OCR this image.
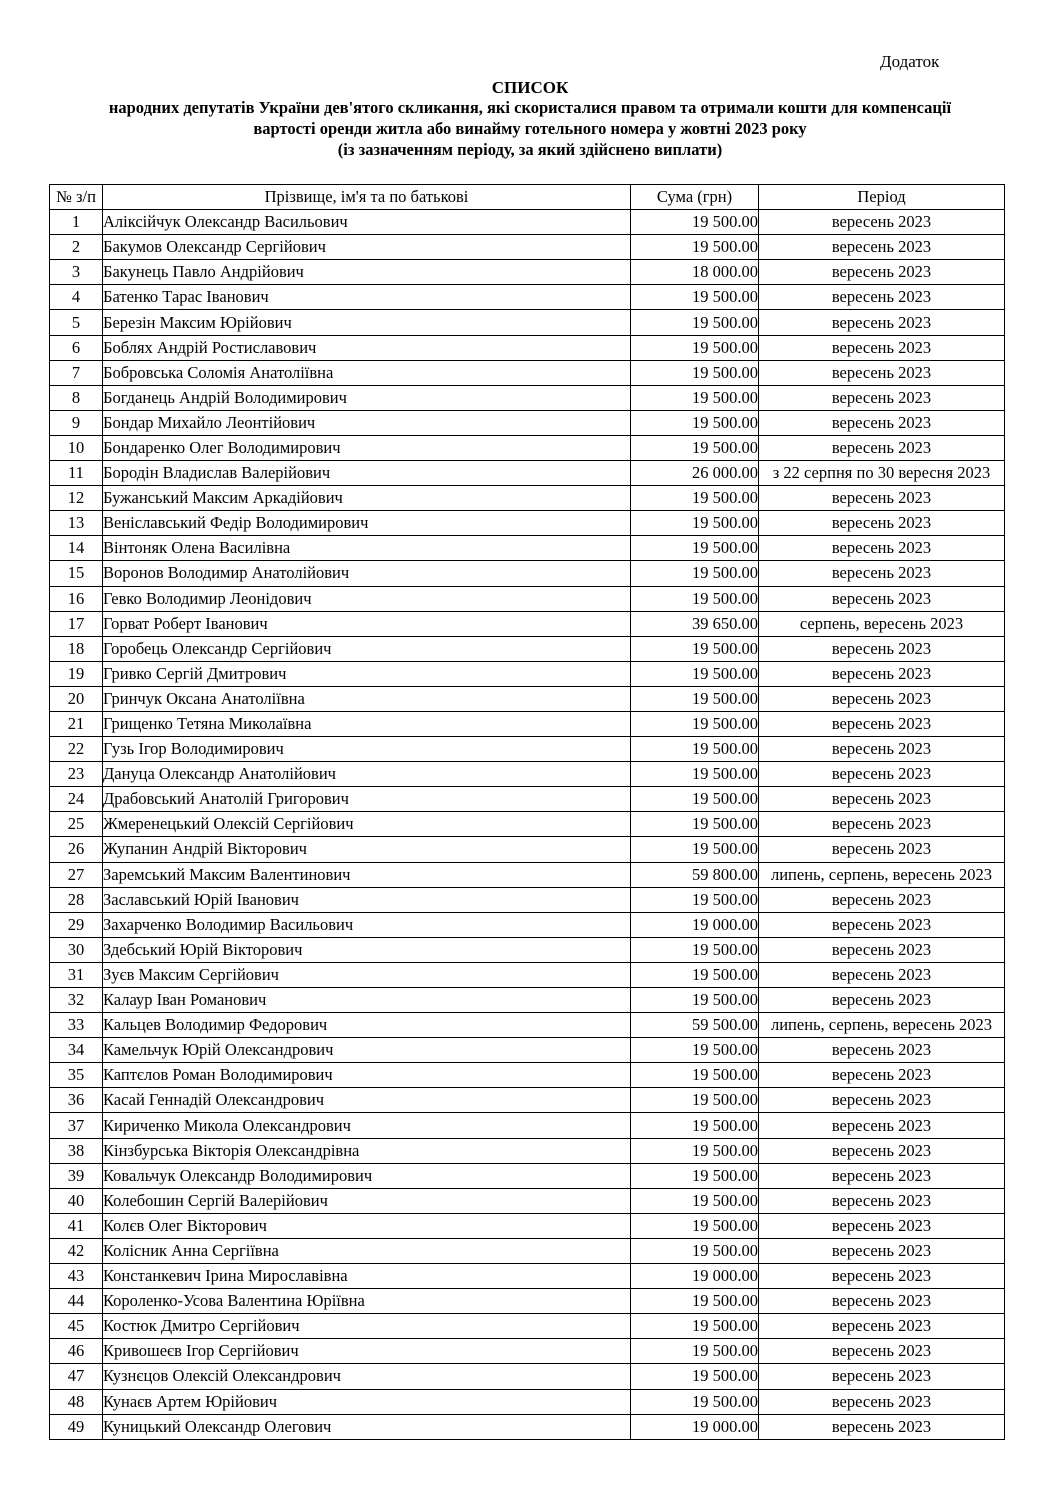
Додаток
СПИСОК
народних депутатів України дев'ятого скликання, які скористалися правом та отримали кошти для компенсації
вартості оренди житла або винайму готельного номера у жовтні 2023 року
(із зазначенням періоду, за який здійснено виплати)
№ з/п	Прізвище, ім'я та по батькові	Сума (грн)	Період
1	Аліксійчук Олександр Васильович	19 500.00	вересень 2023
2	Бакумов Олександр Сергійович	19 500.00	вересень 2023
3	Бакунець Павло Андрійович	18 000.00	вересень 2023
4	Батенко Тарас Іванович	19 500.00	вересень 2023
5	Березін Максим Юрійович	19 500.00	вересень 2023
6	Боблях Андрій Ростиславович	19 500.00	вересень 2023
7	Бобровська Соломія Анатоліївна	19 500.00	вересень 2023
8	Богданець Андрій Володимирович	19 500.00	вересень 2023
9	Бондар Михайло Леонтійович	19 500.00	вересень 2023
10	Бондаренко Олег Володимирович	19 500.00	вересень 2023
11	Бородін Владислав Валерійович	26 000.00	з 22 серпня по 30 вересня 2023
12	Бужанський Максим Аркадійович	19 500.00	вересень 2023
13	Веніславський Федір Володимирович	19 500.00	вересень 2023
14	Вінтоняк Олена Василівна	19 500.00	вересень 2023
15	Воронов Володимир Анатолійович	19 500.00	вересень 2023
16	Гевко Володимир Леонідович	19 500.00	вересень 2023
17	Горват Роберт Іванович	39 650.00	серпень, вересень 2023
18	Горобець Олександр Сергійович	19 500.00	вересень 2023
19	Гривко Сергій Дмитрович	19 500.00	вересень 2023
20	Гринчук Оксана Анатоліївна	19 500.00	вересень 2023
21	Грищенко Тетяна Миколаївна	19 500.00	вересень 2023
22	Гузь Ігор Володимирович	19 500.00	вересень 2023
23	Дануца Олександр Анатолійович	19 500.00	вересень 2023
24	Драбовський Анатолій Григорович	19 500.00	вересень 2023
25	Жмеренецький Олексій Сергійович	19 500.00	вересень 2023
26	Жупанин Андрій Вікторович	19 500.00	вересень 2023
27	Заремський Максим Валентинович	59 800.00	липень, серпень, вересень 2023
28	Заславський Юрій Іванович	19 500.00	вересень 2023
29	Захарченко Володимир Васильович	19 000.00	вересень 2023
30	Здебський Юрій Вікторович	19 500.00	вересень 2023
31	Зуєв Максим Сергійович	19 500.00	вересень 2023
32	Калаур Іван Романович	19 500.00	вересень 2023
33	Кальцев Володимир Федорович	59 500.00	липень, серпень, вересень 2023
34	Камельчук Юрій Олександрович	19 500.00	вересень 2023
35	Каптєлов Роман Володимирович	19 500.00	вересень 2023
36	Касай Геннадій Олександрович	19 500.00	вересень 2023
37	Кириченко Микола Олександрович	19 500.00	вересень 2023
38	Кінзбурська Вікторія Олександрівна	19 500.00	вересень 2023
39	Ковальчук Олександр Володимирович	19 500.00	вересень 2023
40	Колебошин Сергій Валерійович	19 500.00	вересень 2023
41	Колєв Олег Вікторович	19 500.00	вересень 2023
42	Колісник Анна Сергіївна	19 500.00	вересень 2023
43	Констанкевич Ірина Мирославівна	19 000.00	вересень 2023
44	Короленко-Усова Валентина Юріївна	19 500.00	вересень 2023
45	Костюк Дмитро Сергійович	19 500.00	вересень 2023
46	Кривошеєв Ігор Сергійович	19 500.00	вересень 2023
47	Кузнєцов Олексій Олександрович	19 500.00	вересень 2023
48	Кунаєв Артем Юрійович	19 500.00	вересень 2023
49	Куницький Олександр Олегович	19 000.00	вересень 2023
